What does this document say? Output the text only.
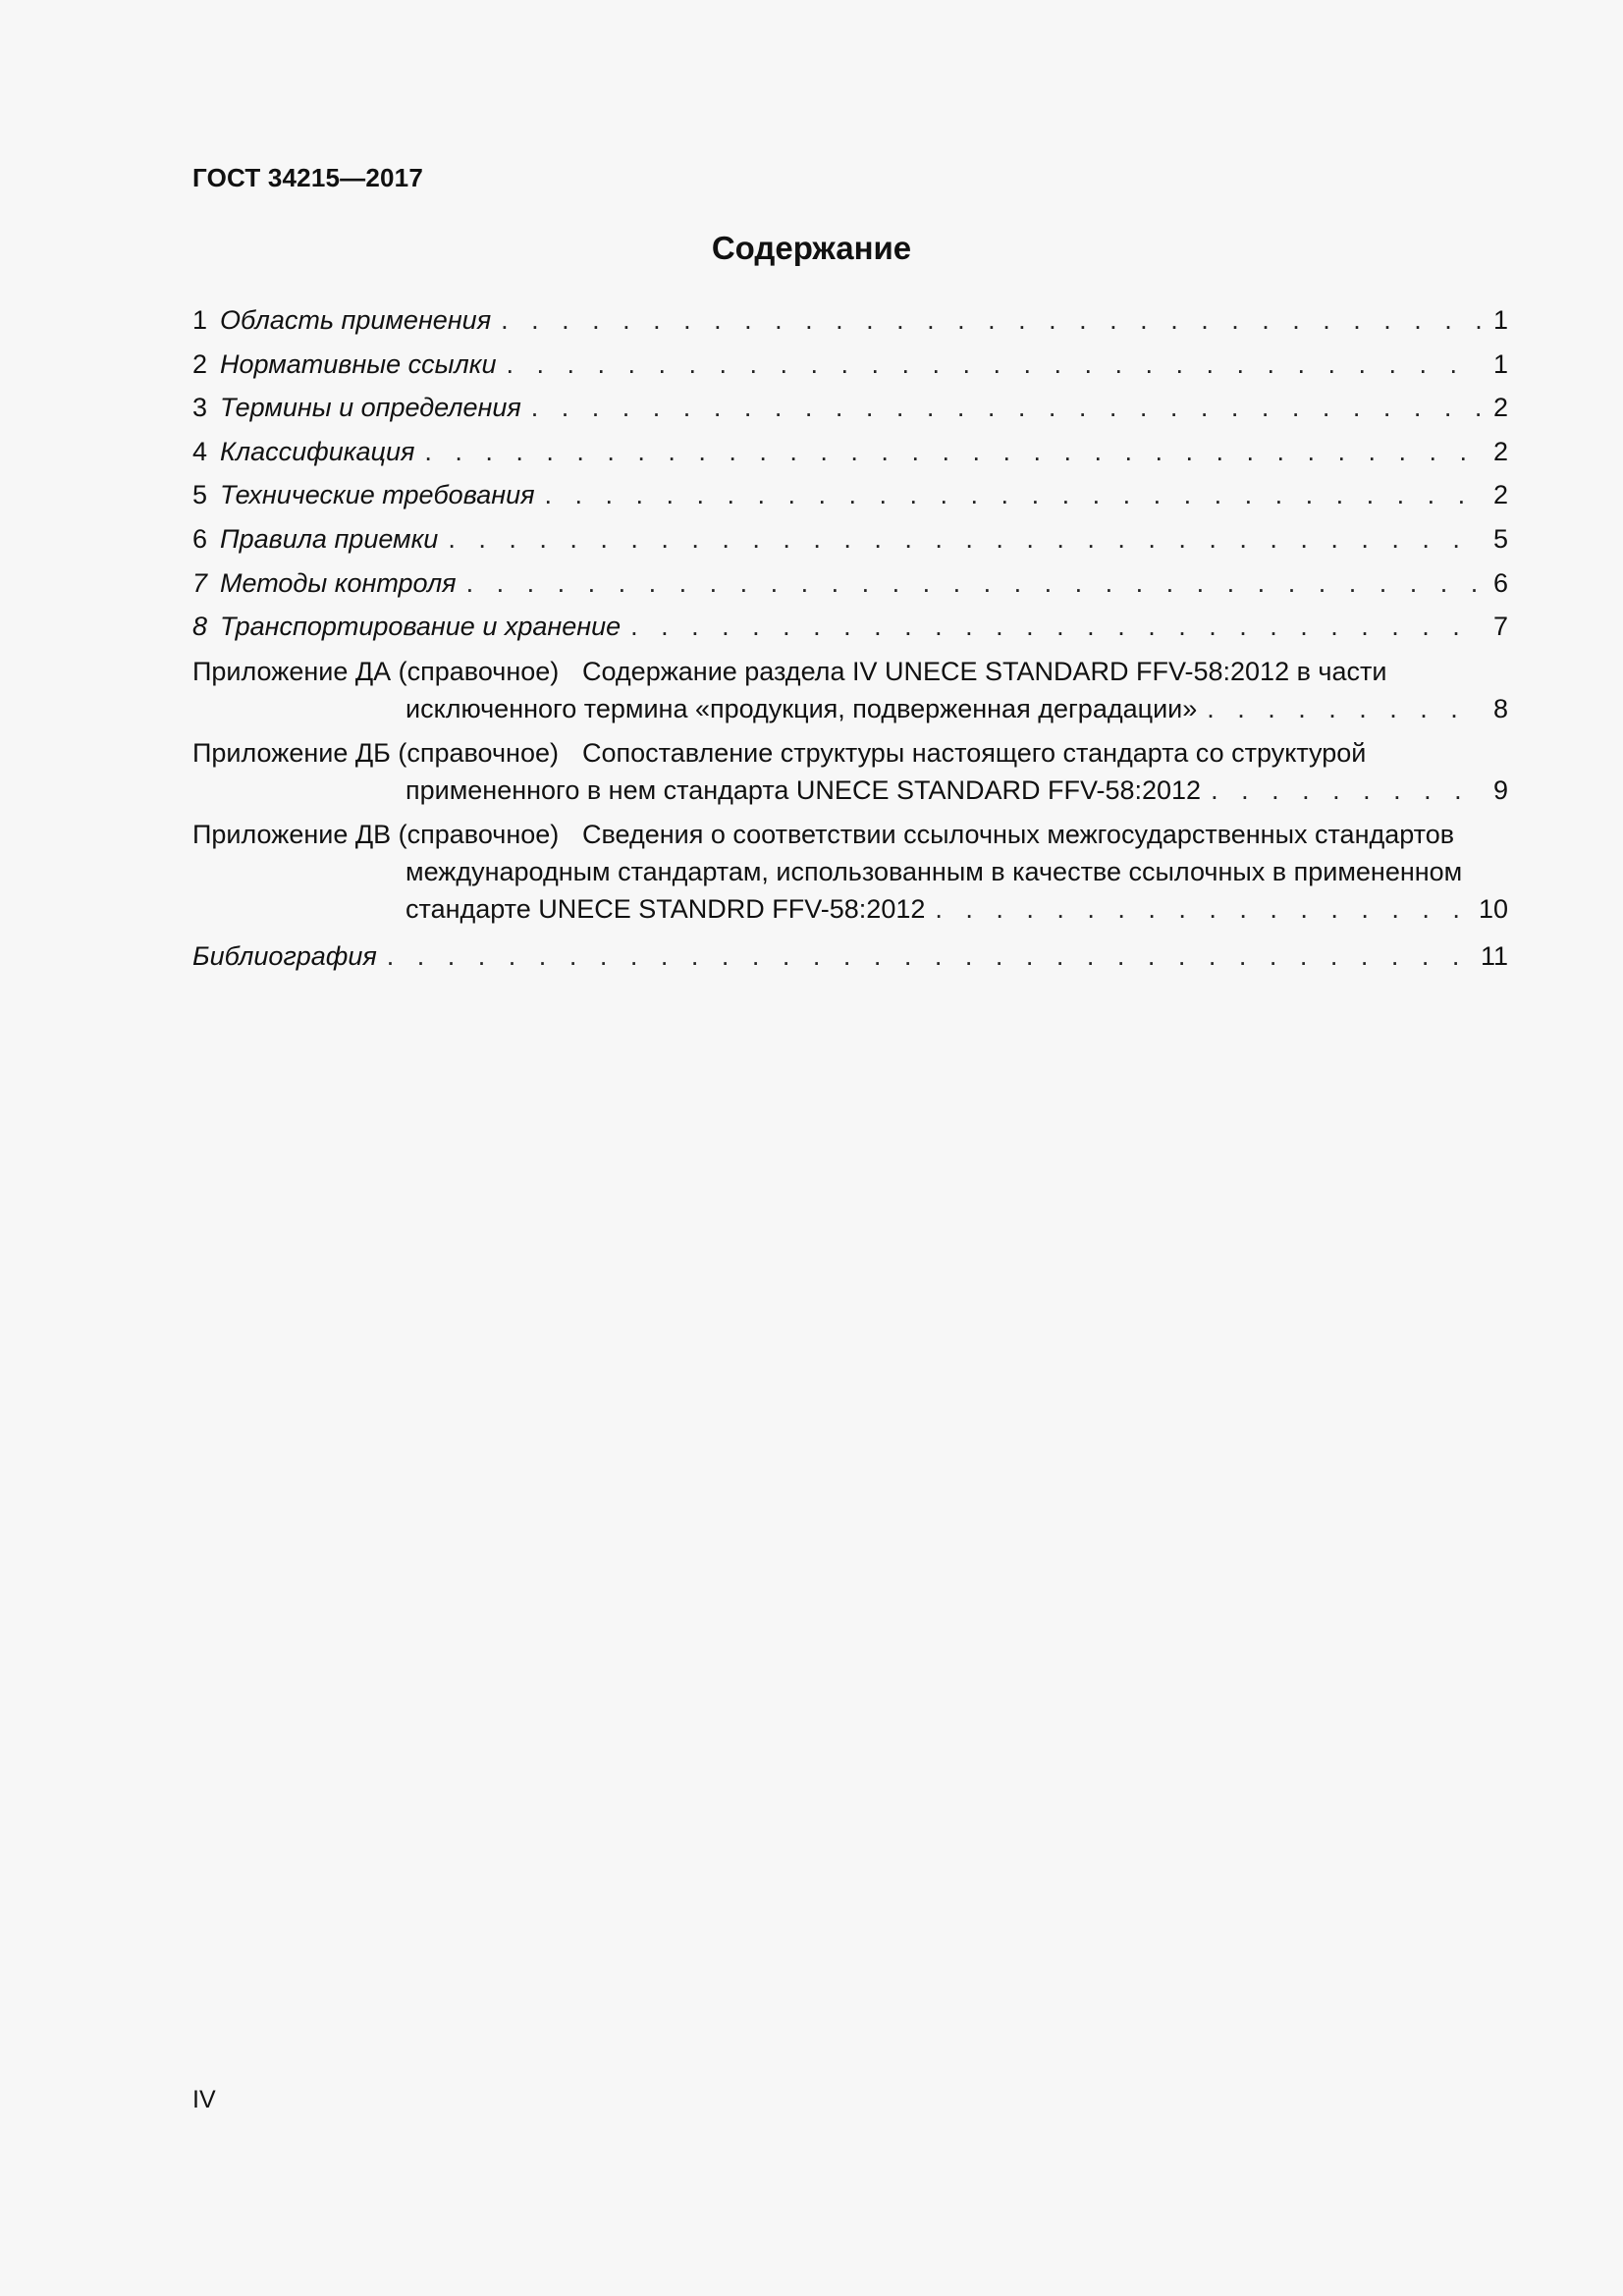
ГОСТ 34215—2017
Содержание
1 Область применения . . .	1
2 Нормативные ссылки . . .	1
3 Термины и определения . . .	2
4 Классификация . . .	2
5 Технические требования . . .	2
6 Правила приемки . . .	5
7 Методы контроля . . .	6
8 Транспортирование и хранение . . .	7
Приложение ДА (справочное) Содержание раздела IV UNECE STANDARD FFV-58:2012 в части
исключенного термина «продукция, подверженная деградации» . . .	8
Приложение ДБ (справочное) Сопоставление структуры настоящего стандарта со структурой
примененного в нем стандарта UNECE STANDARD FFV-58:2012 . . .	9
Приложение ДВ (справочное) Сведения о соответствии ссылочных межгосударственных стандартов
международным стандартам, использованным в качестве ссылочных в примененном
стандарте UNECE STANDRD FFV-58:2012 . . .	10
Библиография . . .	11
IV
